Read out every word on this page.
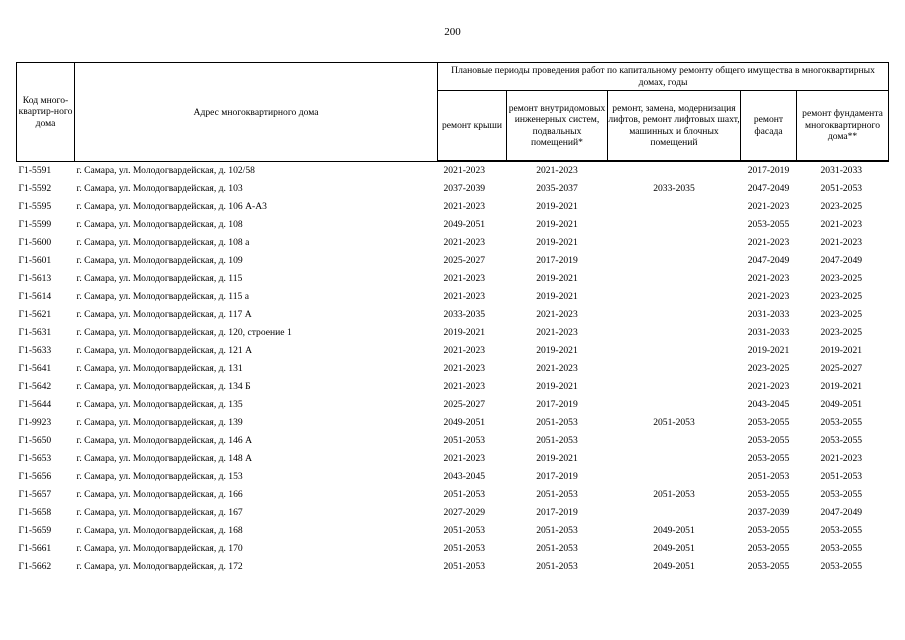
200
Код много-квартир-ного дома	Адрес многоквартирного дома	Плановые периоды проведения работ по капитальному ремонту общего имущества в многоквартирных домах, годы				
		ремонт крыши	ремонт внутридомовых инженерных систем, подвальных помещений*	ремонт, замена, модернизация лифтов, ремонт лифтовых шахт, машинных и блочных помещений	ремонт фасада	ремонт фундамента многоквартирного дома**
Г1-5591	г. Самара, ул. Молодогвардейская, д. 102/58	2021-2023	2021-2023		2017-2019	2031-2033
Г1-5592	г. Самара, ул. Молодогвардейская, д. 103	2037-2039	2035-2037	2033-2035	2047-2049	2051-2053
Г1-5595	г. Самара, ул. Молодогвардейская, д. 106 А-А3	2021-2023	2019-2021		2021-2023	2023-2025
Г1-5599	г. Самара, ул. Молодогвардейская, д. 108	2049-2051	2019-2021		2053-2055	2021-2023
Г1-5600	г. Самара, ул. Молодогвардейская, д. 108 а	2021-2023	2019-2021		2021-2023	2021-2023
Г1-5601	г. Самара, ул. Молодогвардейская, д. 109	2025-2027	2017-2019		2047-2049	2047-2049
Г1-5613	г. Самара, ул. Молодогвардейская, д. 115	2021-2023	2019-2021		2021-2023	2023-2025
Г1-5614	г. Самара, ул. Молодогвардейская, д. 115 а	2021-2023	2019-2021		2021-2023	2023-2025
Г1-5621	г. Самара, ул. Молодогвардейская, д. 117 А	2033-2035	2021-2023		2031-2033	2023-2025
Г1-5631	г. Самара, ул. Молодогвардейская, д. 120, строение 1	2019-2021	2021-2023		2031-2033	2023-2025
Г1-5633	г. Самара, ул. Молодогвардейская, д. 121 А	2021-2023	2019-2021		2019-2021	2019-2021
Г1-5641	г. Самара, ул. Молодогвардейская, д. 131	2021-2023	2021-2023		2023-2025	2025-2027
Г1-5642	г. Самара, ул. Молодогвардейская, д. 134 Б	2021-2023	2019-2021		2021-2023	2019-2021
Г1-5644	г. Самара, ул. Молодогвардейская, д. 135	2025-2027	2017-2019		2043-2045	2049-2051
Г1-9923	г. Самара, ул. Молодогвардейская, д. 139	2049-2051	2051-2053	2051-2053	2053-2055	2053-2055
Г1-5650	г. Самара, ул. Молодогвардейская, д. 146 А	2051-2053	2051-2053		2053-2055	2053-2055
Г1-5653	г. Самара, ул. Молодогвардейская, д. 148 А	2021-2023	2019-2021		2053-2055	2021-2023
Г1-5656	г. Самара, ул. Молодогвардейская, д. 153	2043-2045	2017-2019		2051-2053	2051-2053
Г1-5657	г. Самара, ул. Молодогвардейская, д. 166	2051-2053	2051-2053	2051-2053	2053-2055	2053-2055
Г1-5658	г. Самара, ул. Молодогвардейская, д. 167	2027-2029	2017-2019		2037-2039	2047-2049
Г1-5659	г. Самара, ул. Молодогвардейская, д. 168	2051-2053	2051-2053	2049-2051	2053-2055	2053-2055
Г1-5661	г. Самара, ул. Молодогвардейская, д. 170	2051-2053	2051-2053	2049-2051	2053-2055	2053-2055
Г1-5662	г. Самара, ул. Молодогвардейская, д. 172	2051-2053	2051-2053	2049-2051	2053-2055	2053-2055
